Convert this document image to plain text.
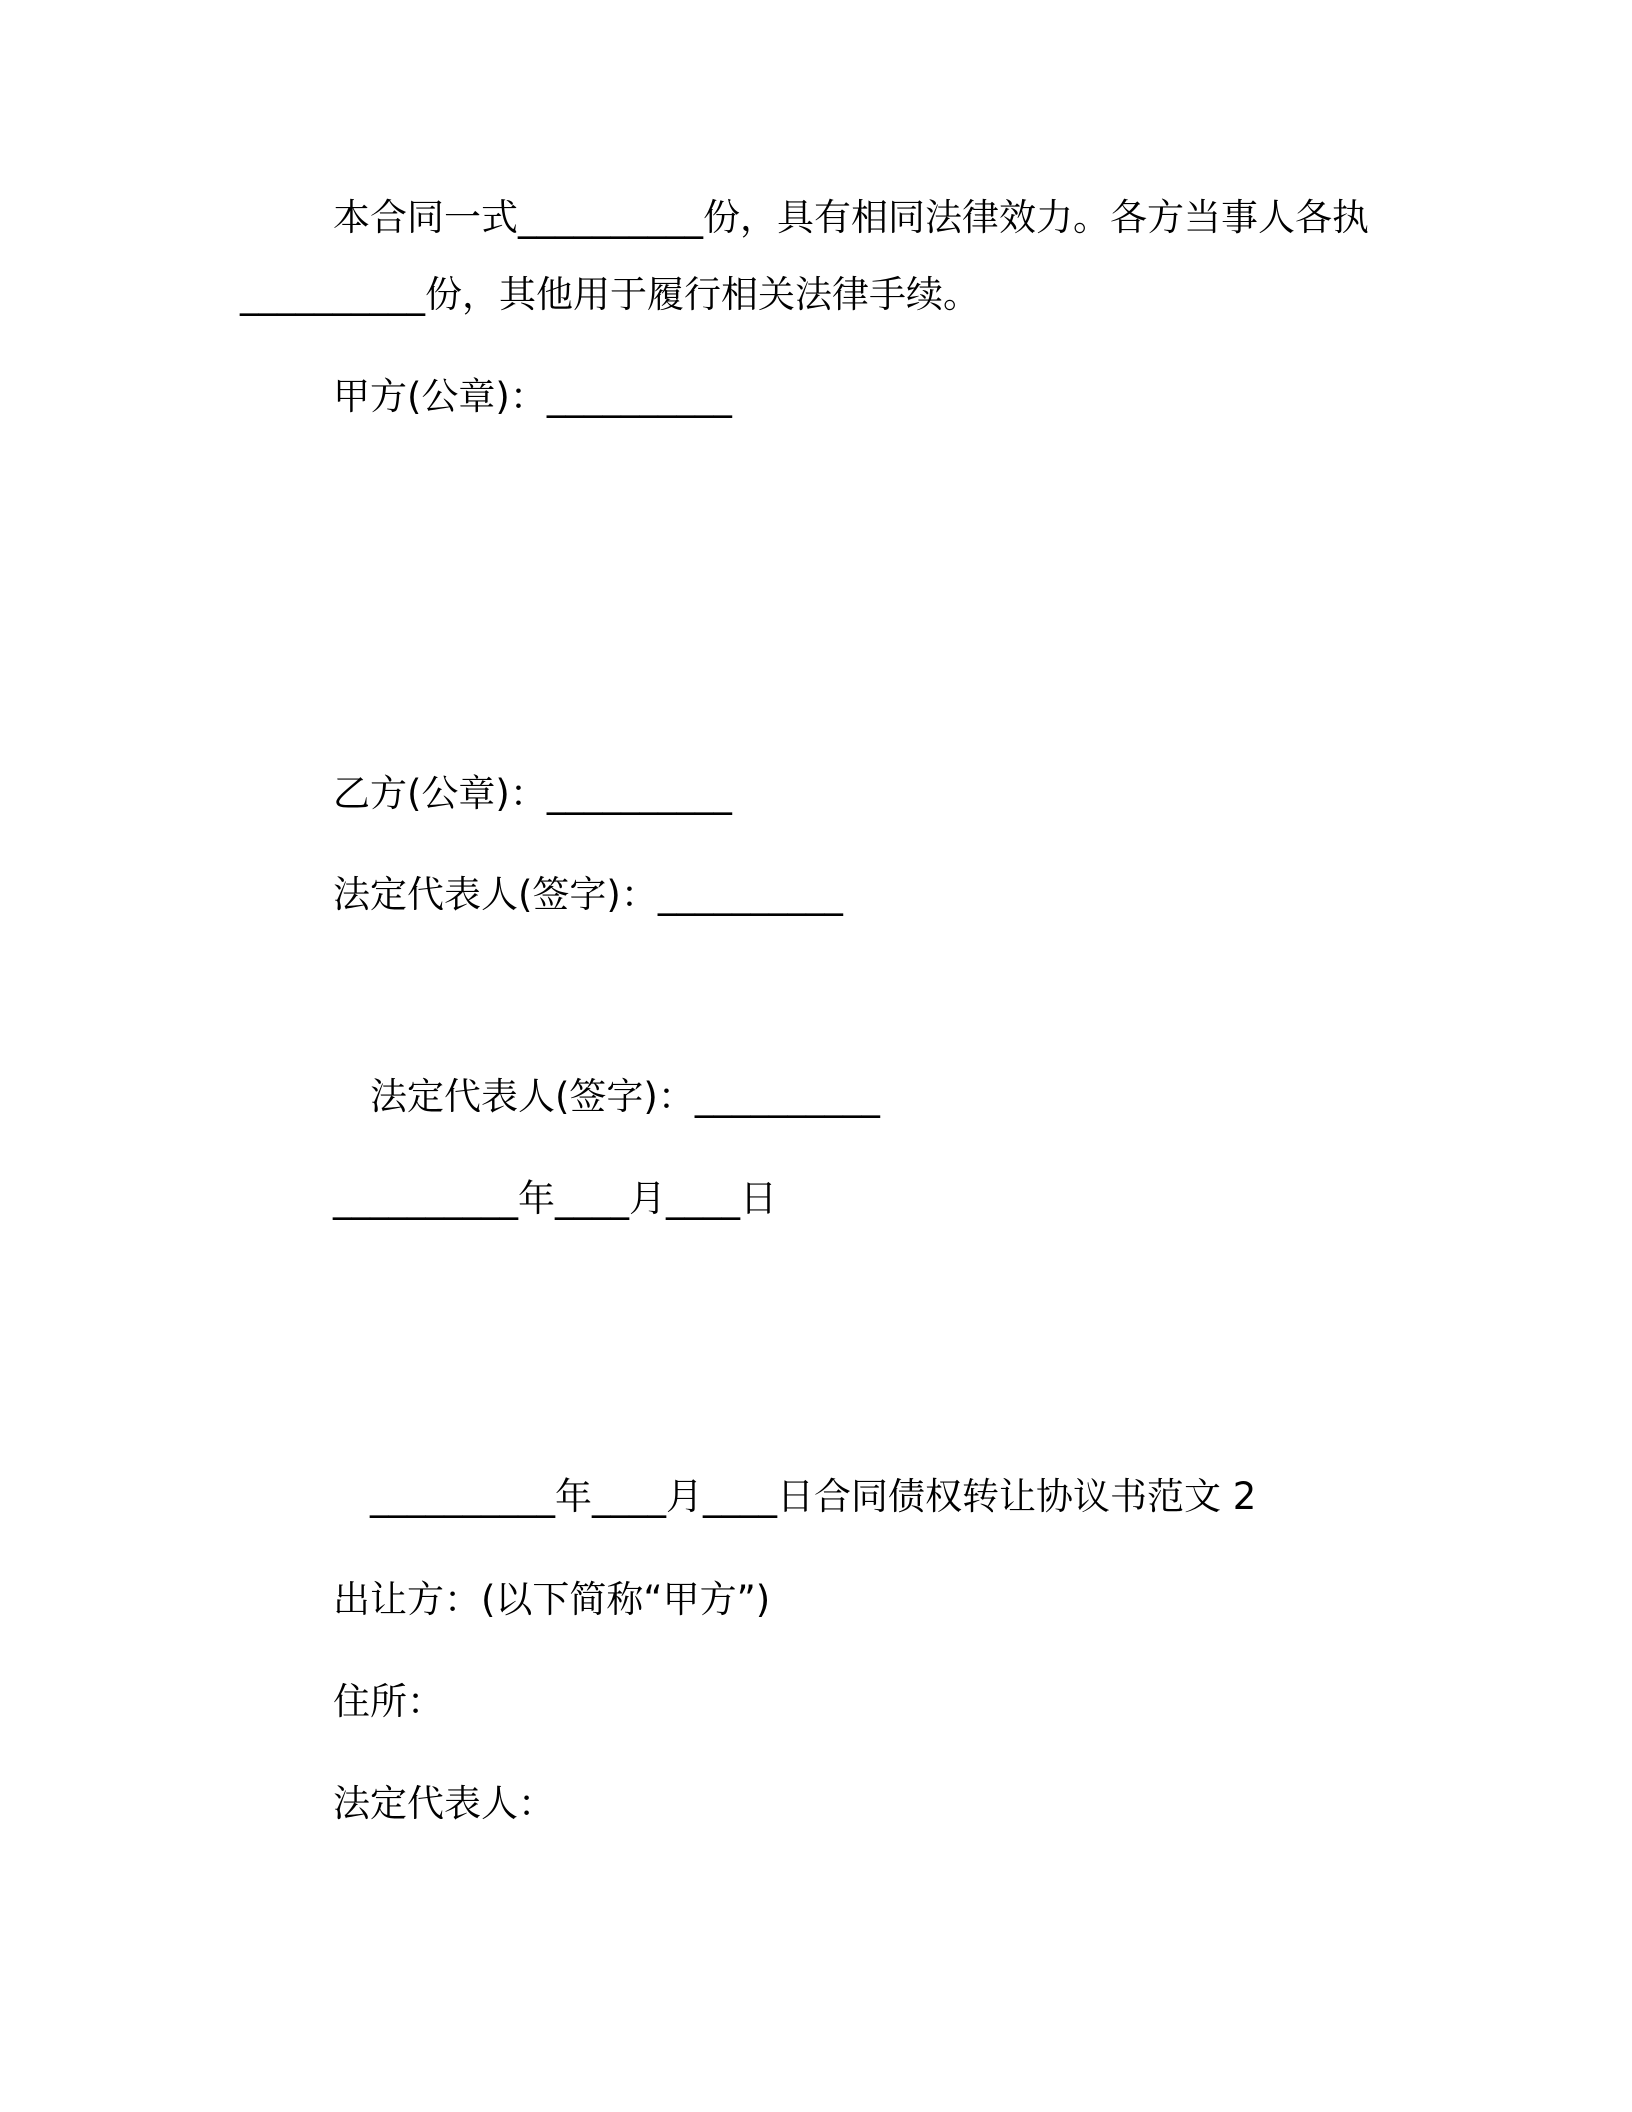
本合同一式__________份，具有相同法律效力。各方当事人各执

__________份，其他用于履行相关法律手续。

甲方(公章)：__________

乙方(公章)：__________

法定代表人(签字)：__________

法定代表人(签字)：__________

__________年____月____日

__________年____月____日合同债权转让协议书范文 2

出让方：(以下简称“甲方”)

住所：

法定代表人：
